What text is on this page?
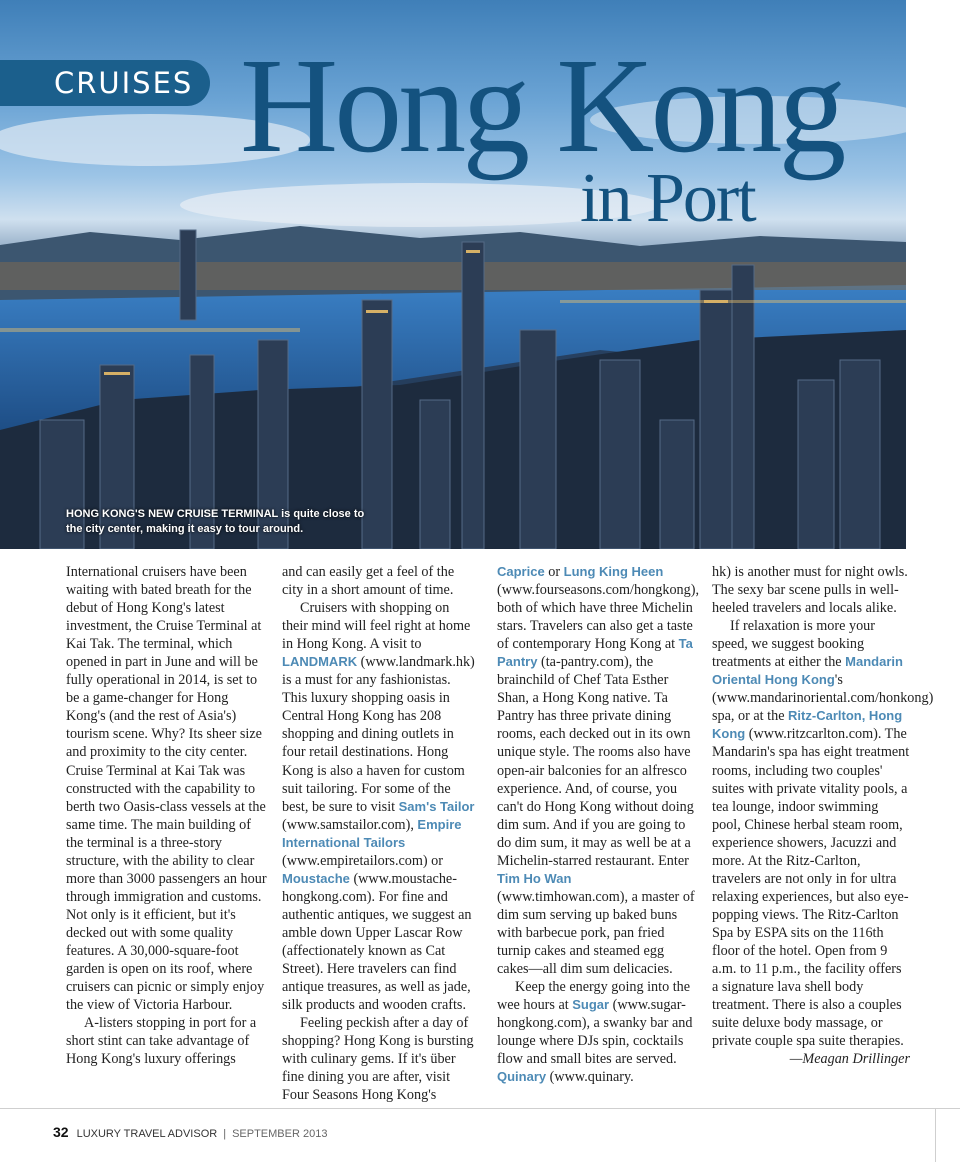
CRUISES Hong Kong
in Port
HONG KONG'S NEW CRUISE TERMINAL is quite close to the city center, making it easy to tour around.

International cruisers have been waiting with bated breath for the debut of Hong Kong's latest investment, the Cruise Terminal at Kai Tak. The terminal, which opened in part in June and will be fully operational in 2014, is set to be a game-changer for Hong Kong's (and the rest of Asia's) tourism scene. Why? Its sheer size and proximity to the city center. Cruise Terminal at Kai Tak was constructed with the capability to berth two Oasis-class vessels at the same time. The main building of the terminal is a three-story structure, with the ability to clear more than 3000 passengers an hour through immigration and customs. Not only is it efficient, but it's decked out with some quality features. A 30,000-square-foot garden is open on its roof, where cruisers can picnic or simply enjoy the view of Victoria Harbour.

A-listers stopping in port for a short stint can take advantage of Hong Kong's luxury offerings

and can easily get a feel of the city in a short amount of time.

Cruisers with shopping on their mind will feel right at home in Hong Kong. A visit to LANDMARK (www.landmark.hk) is a must for any fashionistas. This luxury shopping oasis in Central Hong Kong has 208 shopping and dining outlets in four retail destinations. Hong Kong is also a haven for custom suit tailoring. For some of the best, be sure to visit Sam's Tailor (www.samstailor.com), Empire International Tailors (www.empiretailors.com) or Moustache (www.moustache-hongkong.com). For fine and authentic antiques, we suggest an amble down Upper Lascar Row (affectionately known as Cat Street). Here travelers can find antique treasures, as well as jade, silk products and wooden crafts.

Feeling peckish after a day of shopping? Hong Kong is bursting with culinary gems. If it's über fine dining you are after, visit Four Seasons Hong Kong's

Caprice or Lung King Heen (www.fourseasons.com/hongkong), both of which have three Michelin stars. Travelers can also get a taste of contemporary Hong Kong at Ta Pantry (ta-pantry.com), the brainchild of Chef Tata Esther Shan, a Hong Kong native. Ta Pantry has three private dining rooms, each decked out in its own unique style. The rooms also have open-air balconies for an alfresco experience. And, of course, you can't do Hong Kong without doing dim sum. And if you are going to do dim sum, it may as well be at a Michelin-starred restaurant. Enter Tim Ho Wan (www.timhowan.com), a master of dim sum serving up baked buns with barbecue pork, pan fried turnip cakes and steamed egg cakes—all dim sum delicacies.

Keep the energy going into the wee hours at Sugar (www.sugar-hongkong.com), a swanky bar and lounge where DJs spin, cocktails flow and small bites are served. Quinary (www.quinary.

hk) is another must for night owls. The sexy bar scene pulls in well-heeled travelers and locals alike.

If relaxation is more your speed, we suggest booking treatments at either the Mandarin Oriental Hong Kong's (www.mandarinoriental.com/honkong) spa, or at the Ritz-Carlton, Hong Kong (www.ritzcarlton.com). The Mandarin's spa has eight treatment rooms, including two couples' suites with private vitality pools, a tea lounge, indoor swimming pool, Chinese herbal steam room, experience showers, Jacuzzi and more. At the Ritz-Carlton, travelers are not only in for ultra relaxing experiences, but also eye-popping views. The Ritz-Carlton Spa by ESPA sits on the 116th floor of the hotel. Open from 9 a.m. to 11 p.m., the facility offers a signature lava shell body treatment. There is also a couples suite deluxe body massage, or private couple spa suite therapies.

—Meagan Drillinger

32 LUXURY TRAVEL ADVISOR | SEPTEMBER 2013
